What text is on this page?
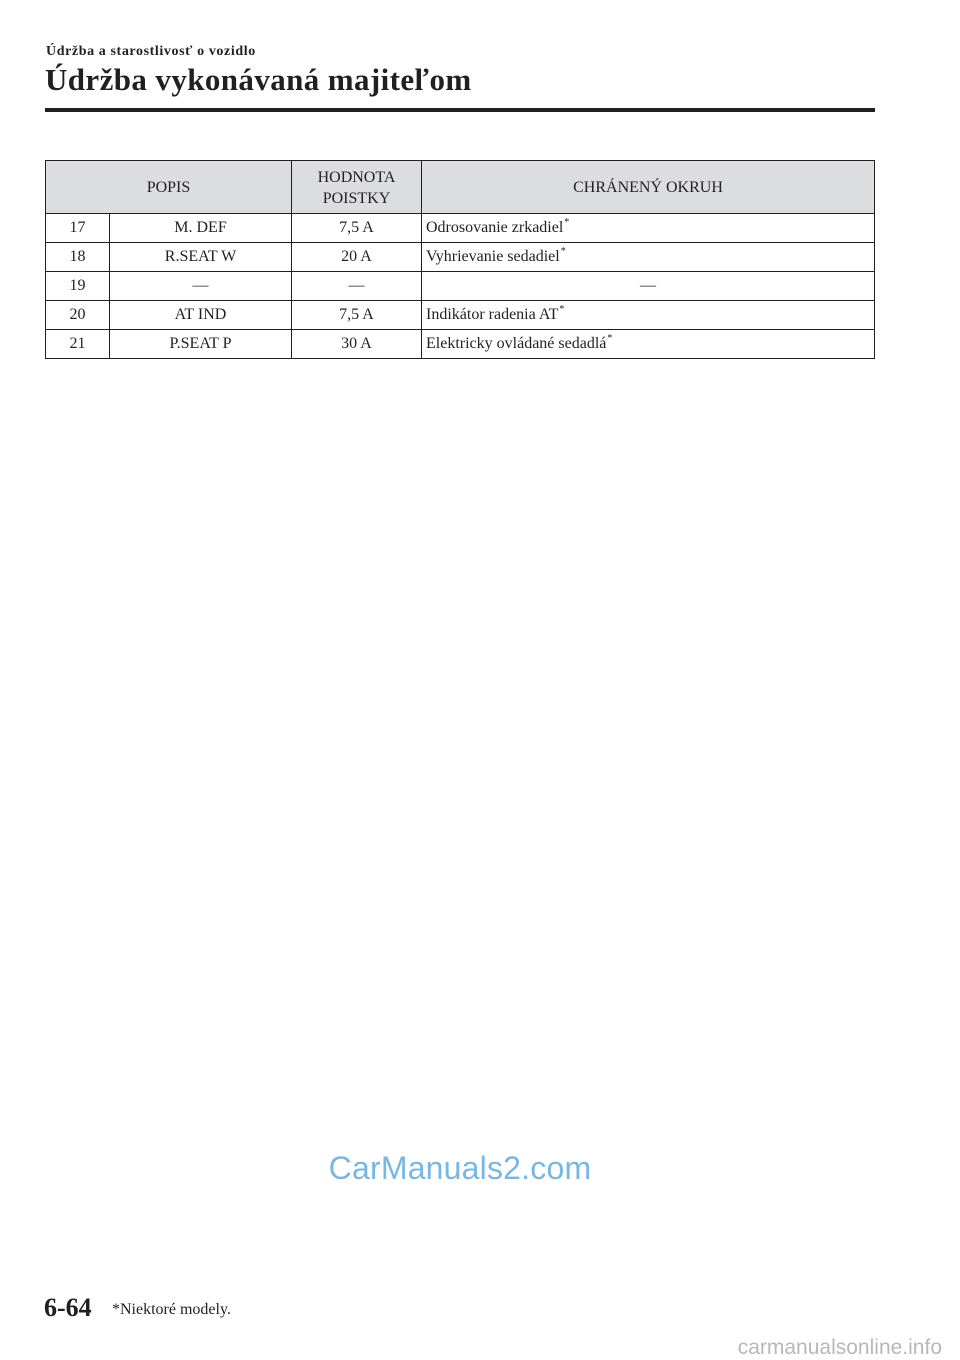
Údržba a starostlivosť o vozidlo
Údržba vykonávaná majiteľom
POPIS		HODNOTA POISTKY	CHRÁNENÝ OKRUH
17	M. DEF	7,5 A	Odrosovanie zrkadiel*
18	R.SEAT W	20 A	Vyhrievanie sedadiel*
19	—	—	—
20	AT IND	7,5 A	Indikátor radenia AT*
21	P.SEAT P	30 A	Elektricky ovládané sedadlá*
CarManuals2.com
6-64 *Niektoré modely.
carmanualsonline.info
